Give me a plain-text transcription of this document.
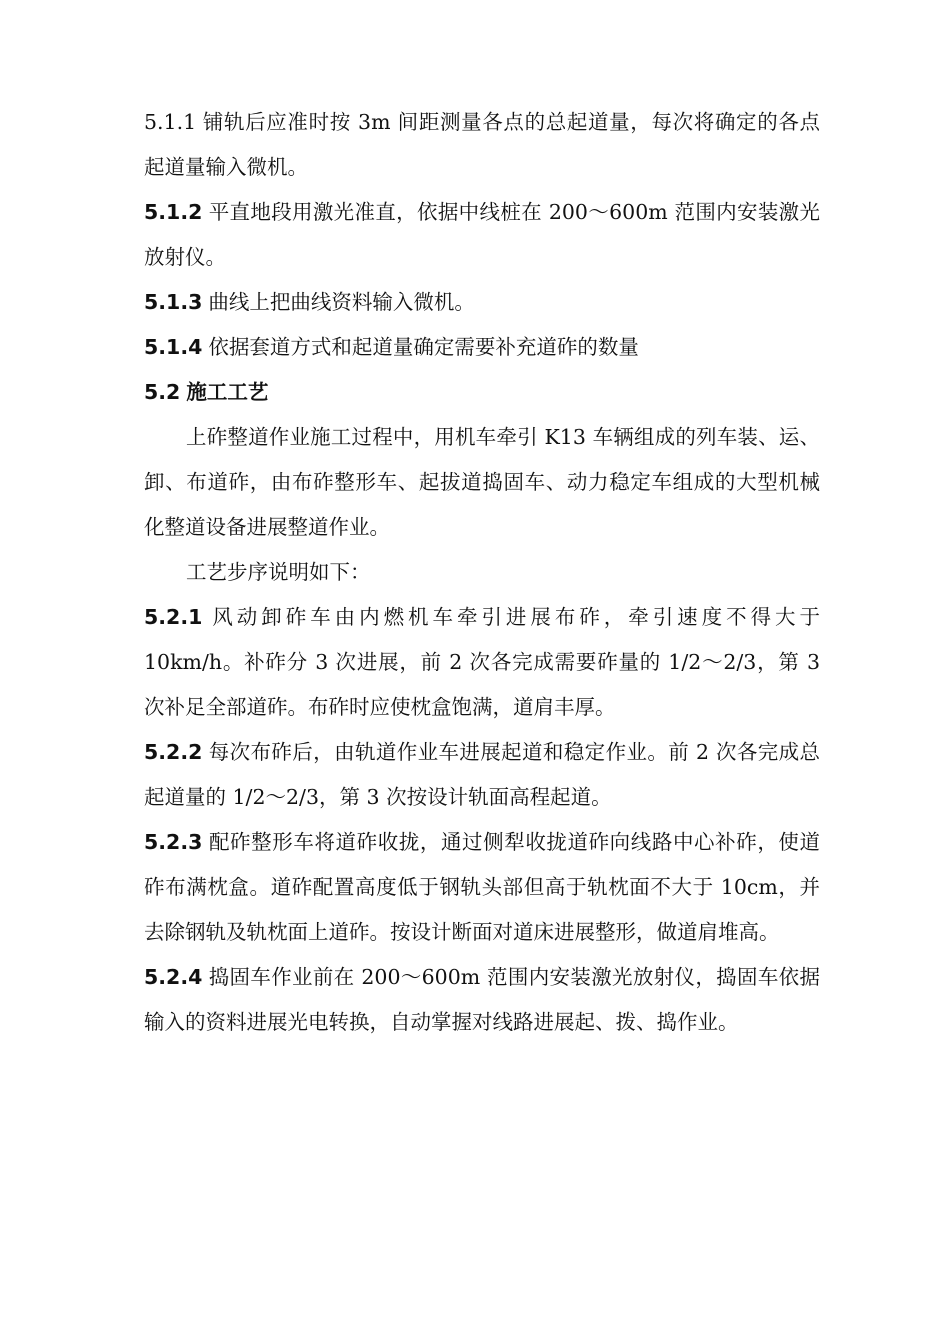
5.1.1 铺轨后应准时按 3m 间距测量各点的总起道量，每次将确定的各点起道量输入微机。

5.1.2 平直地段用激光准直，依据中线桩在 200～600m 范围内安装激光放射仪。

5.1.3 曲线上把曲线资料输入微机。

5.1.4 依据套道方式和起道量确定需要补充道砟的数量

5.2 施工工艺

上砟整道作业施工过程中，用机车牵引 K13 车辆组成的列车装、运、卸、布道砟，由布砟整形车、起拔道捣固车、动力稳定车组成的大型机械化整道设备进展整道作业。

工艺步序说明如下：

5.2.1 风动卸砟车由内燃机车牵引进展布砟，牵引速度不得大于 10km/h。补砟分 3 次进展，前 2 次各完成需要砟量的 1/2～2/3，第 3 次补足全部道砟。布砟时应使枕盒饱满，道肩丰厚。

5.2.2 每次布砟后，由轨道作业车进展起道和稳定作业。前 2 次各完成总起道量的 1/2～2/3，第 3 次按设计轨面高程起道。

5.2.3 配砟整形车将道砟收拢，通过侧犁收拢道砟向线路中心补砟，使道砟布满枕盒。道砟配置高度低于钢轨头部但高于轨枕面不大于 10cm，并去除钢轨及轨枕面上道砟。按设计断面对道床进展整形，做道肩堆高。

5.2.4 捣固车作业前在 200～600m 范围内安装激光放射仪，捣固车依据输入的资料进展光电转换，自动掌握对线路进展起、拨、捣作业。
